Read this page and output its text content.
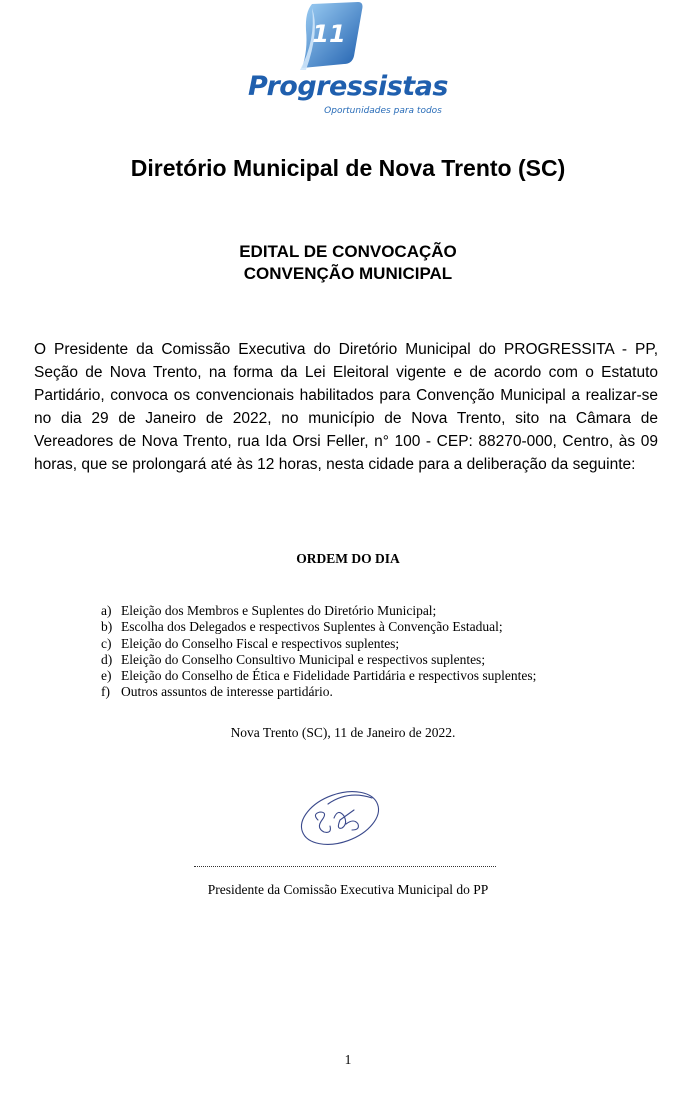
11
Progressistas
Oportunidades para todos
Diretório Municipal de Nova Trento (SC)
EDITAL DE CONVOCAÇÃO
CONVENÇÃO MUNICIPAL

O Presidente da Comissão Executiva do Diretório Municipal do PROGRESSITA - PP, Seção de Nova Trento, na forma da Lei Eleitoral vigente e de acordo com o Estatuto Partidário, convoca os convencionais habilitados para Convenção Municipal a realizar-se no dia 29 de Janeiro de 2022, no município de Nova Trento, sito na Câmara de Vereadores de Nova Trento, rua Ida Orsi Feller, n° 100 - CEP: 88270-000, Centro, às 09 horas, que se prolongará até às 12 horas, nesta cidade para a deliberação da seguinte:

ORDEM DO DIA
a) Eleição dos Membros e Suplentes do Diretório Municipal;
b) Escolha dos Delegados e respectivos Suplentes à Convenção Estadual;
c) Eleição do Conselho Fiscal e respectivos suplentes;
d) Eleição do Conselho Consultivo Municipal e respectivos suplentes;
e) Eleição do Conselho de Ética e Fidelidade Partidária e respectivos suplentes;
f) Outros assuntos de interesse partidário.
Nova Trento (SC), 11 de Janeiro de 2022.
Presidente da Comissão Executiva Municipal do PP
1
